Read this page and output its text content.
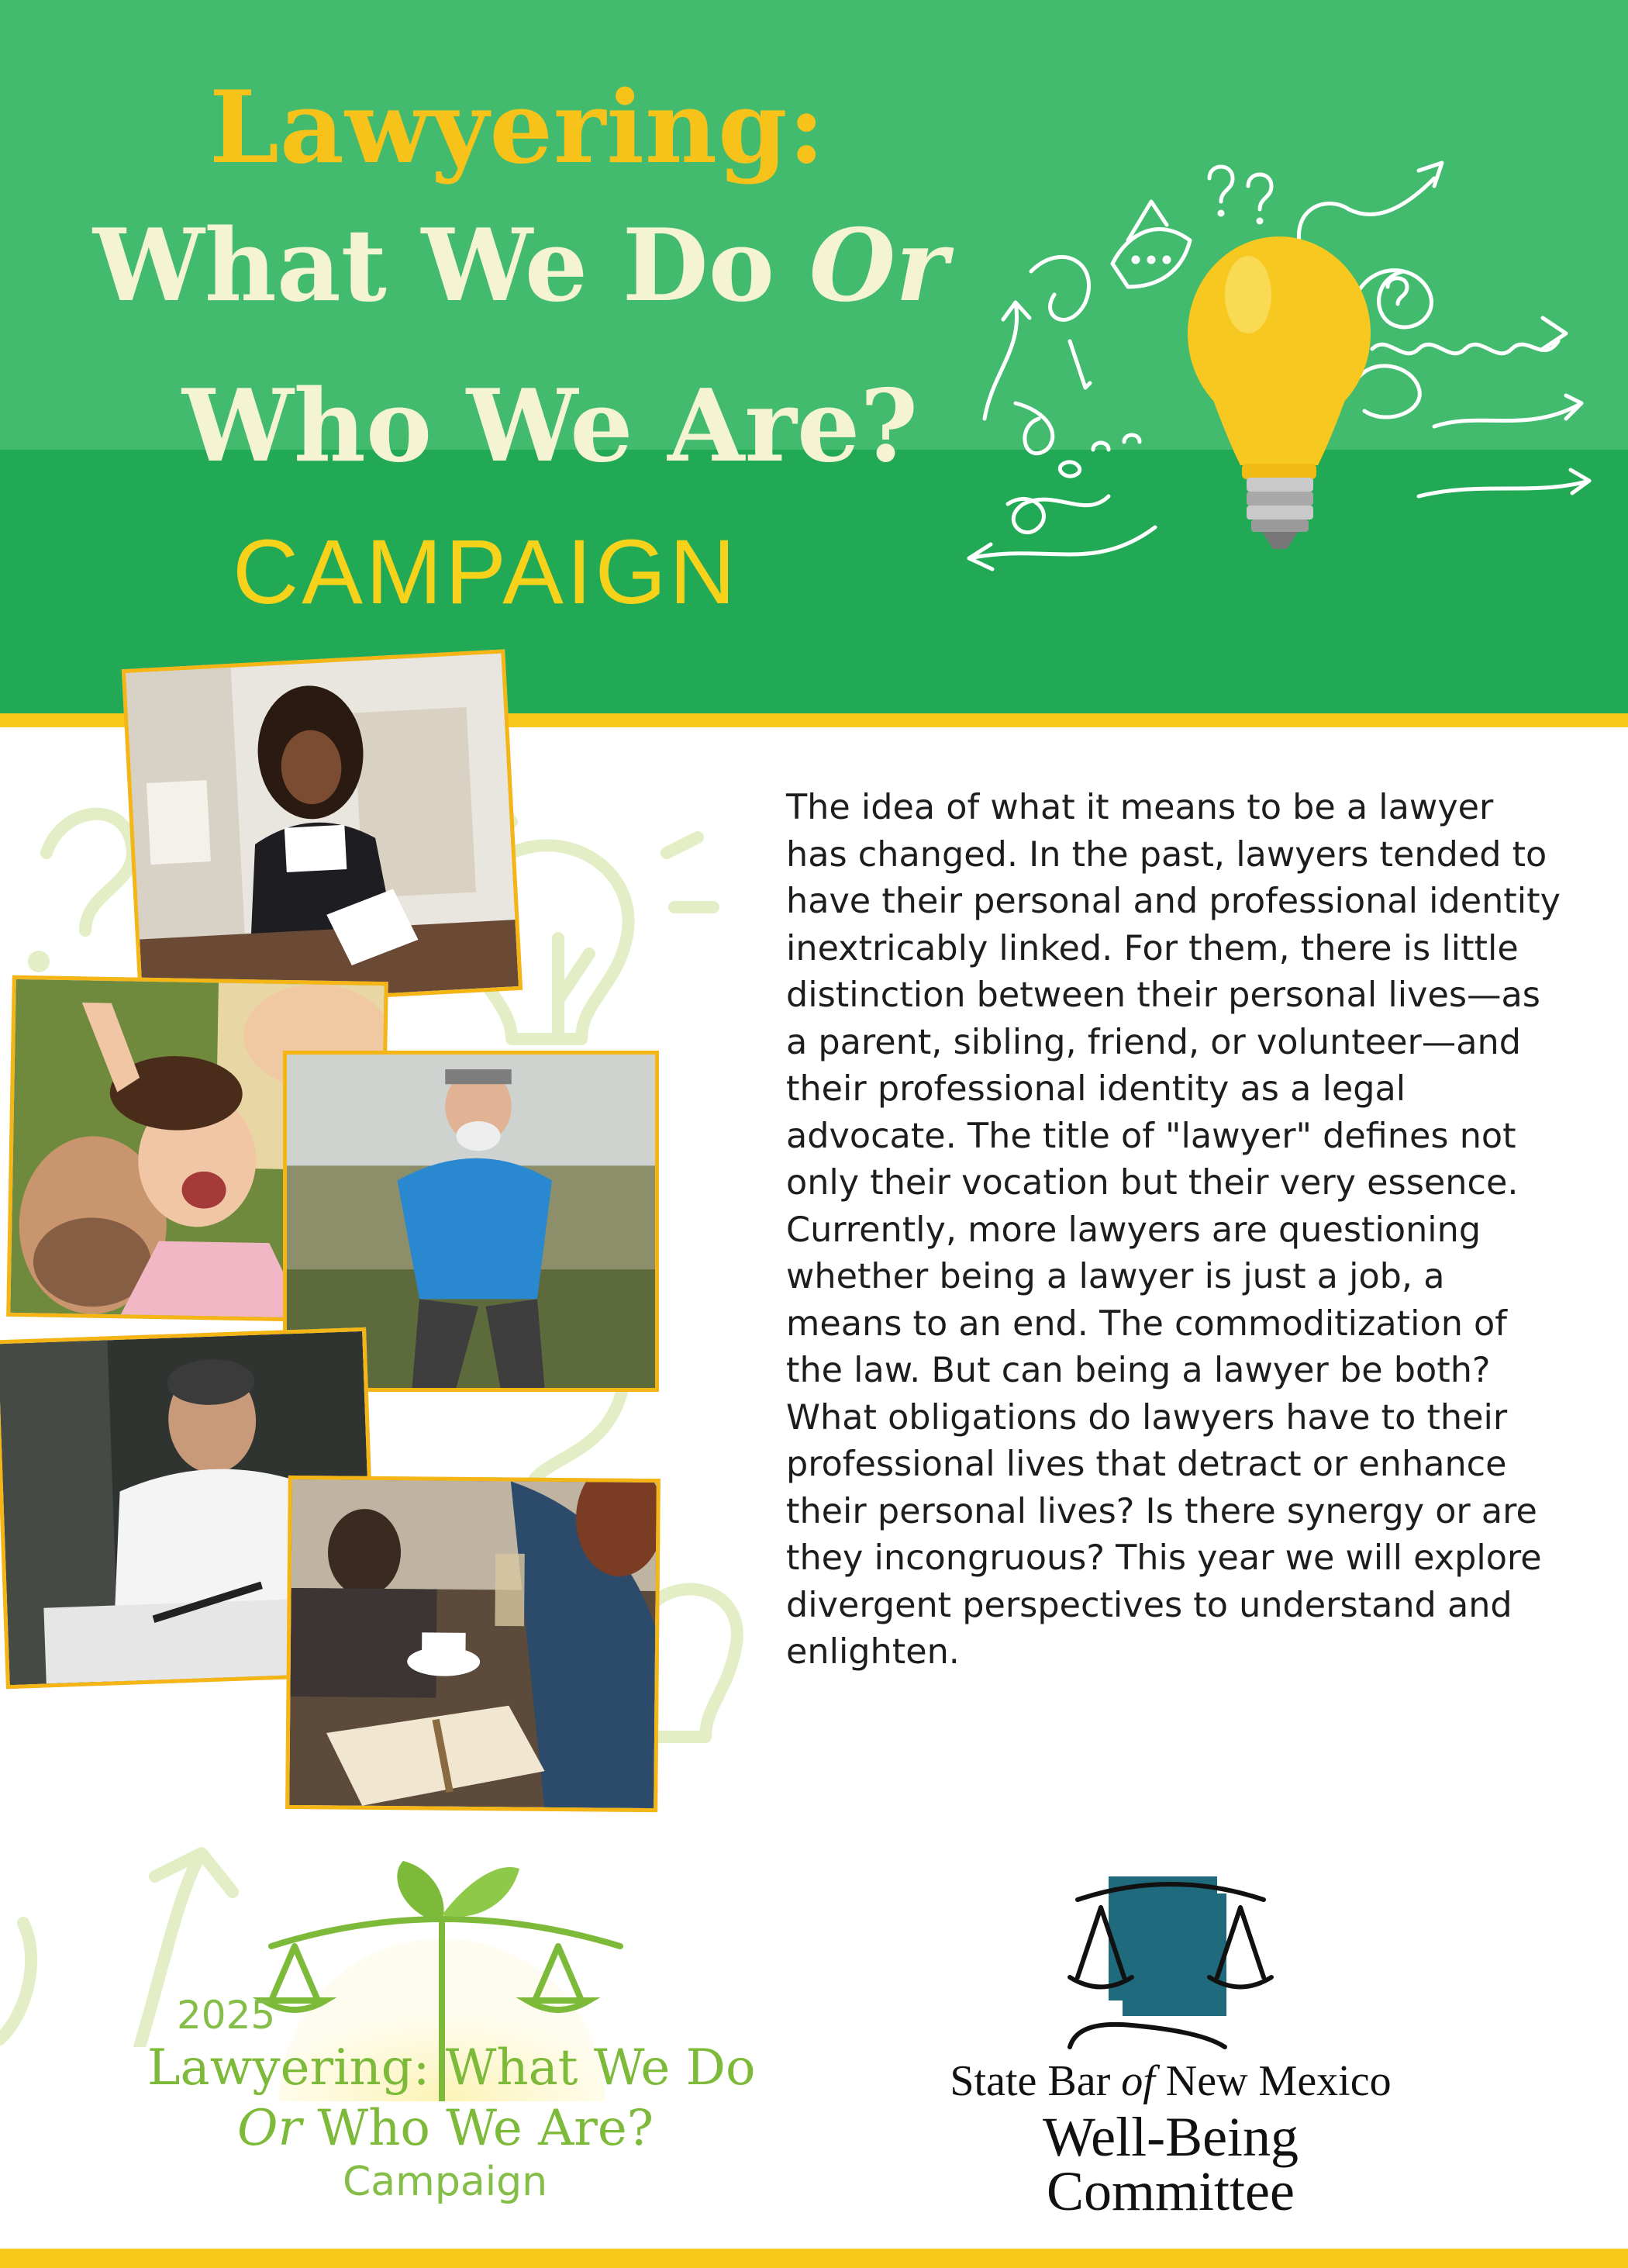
Lawyering:
What We Do Or
Who We Are?
CAMPAIGN

The idea of what it means to be a lawyer has changed. In the past, lawyers tended to have their personal and professional identity inextricably linked. For them, there is little distinction between their personal lives—as a parent, sibling, friend, or volunteer—and their professional identity as a legal advocate. The title of "lawyer" defines not only their vocation but their very essence. Currently, more lawyers are questioning whether being a lawyer is just a job, a means to an end. The commoditization of the law. But can being a lawyer be both? What obligations do lawyers have to their professional lives that detract or enhance their personal lives? Is there synergy or are they incongruous? This year we will explore divergent perspectives to understand and enlighten.

2025

Lawyering: What We Do

Or Who We Are?

Campaign

State Bar of New Mexico

Well-Being

Committee
